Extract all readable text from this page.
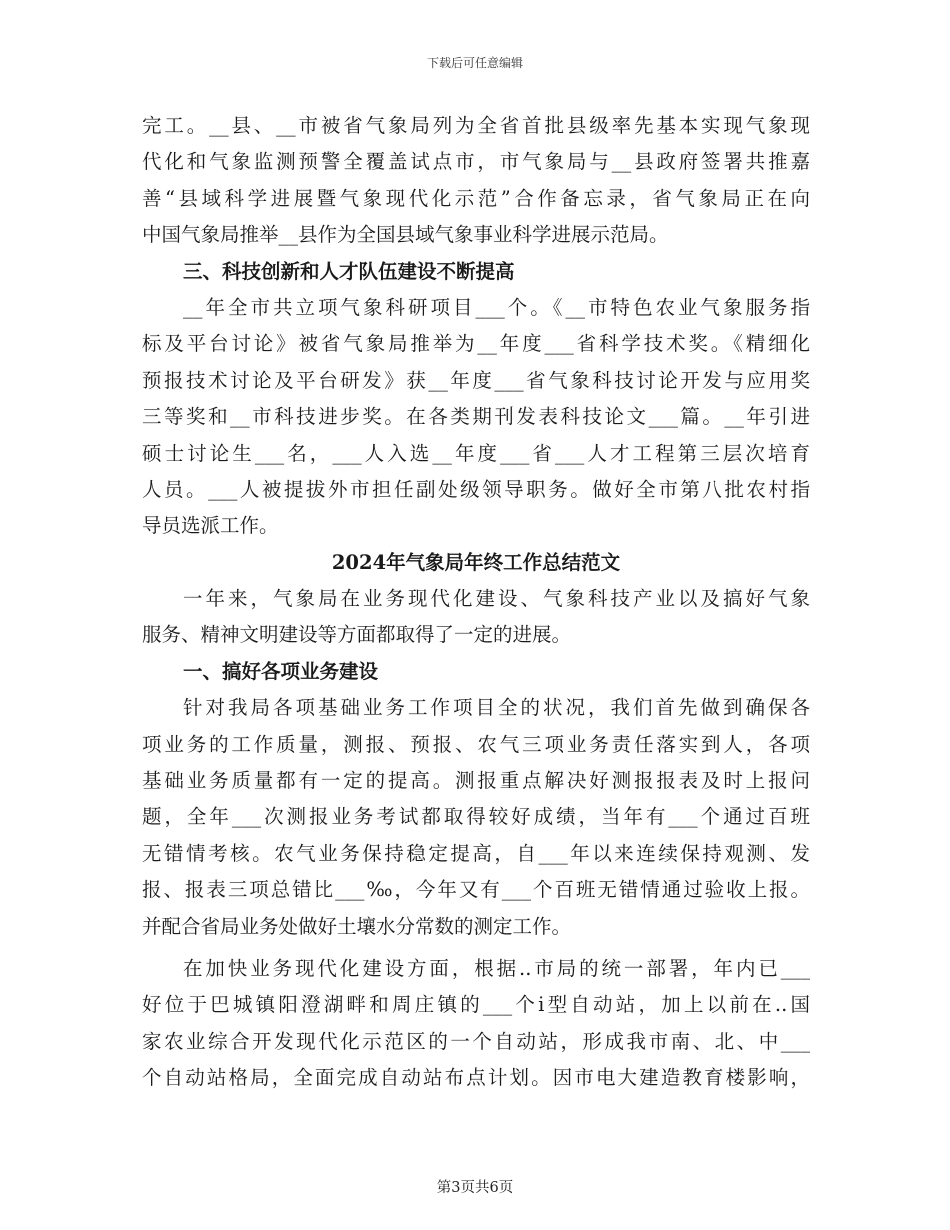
下载后可任意编辑
完工。__县、__市被省气象局列为全省首批县级率先基本实现气象现
代化和气象监测预警全覆盖试点市，市气象局与__县政府签署共推嘉
善“县域科学进展暨气象现代化示范”合作备忘录，省气象局正在向
中国气象局推举__县作为全国县域气象事业科学进展示范局。
三、科技创新和人才队伍建设不断提高
__年全市共立项气象科研项目___个。《__市特色农业气象服务指
标及平台讨论》被省气象局推举为__年度___省科学技术奖。《精细化
预报技术讨论及平台研发》获__年度___省气象科技讨论开发与应用奖
三等奖和__市科技进步奖。在各类期刊发表科技论文___篇。__年引进
硕士讨论生___名，___人入选__年度___省___人才工程第三层次培育
人员。___人被提拔外市担任副处级领导职务。做好全市第八批农村指
导员选派工作。
2024年气象局年终工作总结范文
一年来，气象局在业务现代化建设、气象科技产业以及搞好气象
服务、精神文明建设等方面都取得了一定的进展。
一、搞好各项业务建设
针对我局各项基础业务工作项目全的状况，我们首先做到确保各
项业务的工作质量，测报、预报、农气三项业务责任落实到人，各项
基础业务质量都有一定的提高。测报重点解决好测报报表及时上报问
题，全年___次测报业务考试都取得较好成绩，当年有___个通过百班
无错情考核。农气业务保持稳定提高，自___年以来连续保持观测、发
报、报表三项总错比___‰，今年又有___个百班无错情通过验收上报。
并配合省局业务处做好土壤水分常数的测定工作。
在加快业务现代化建设方面，根据..市局的统一部署，年内已___
好位于巴城镇阳澄湖畔和周庄镇的___个i型自动站，加上以前在..国
家农业综合开发现代化示范区的一个自动站，形成我市南、北、中___
个自动站格局，全面完成自动站布点计划。因市电大建造教育楼影响，
第3页共6页
